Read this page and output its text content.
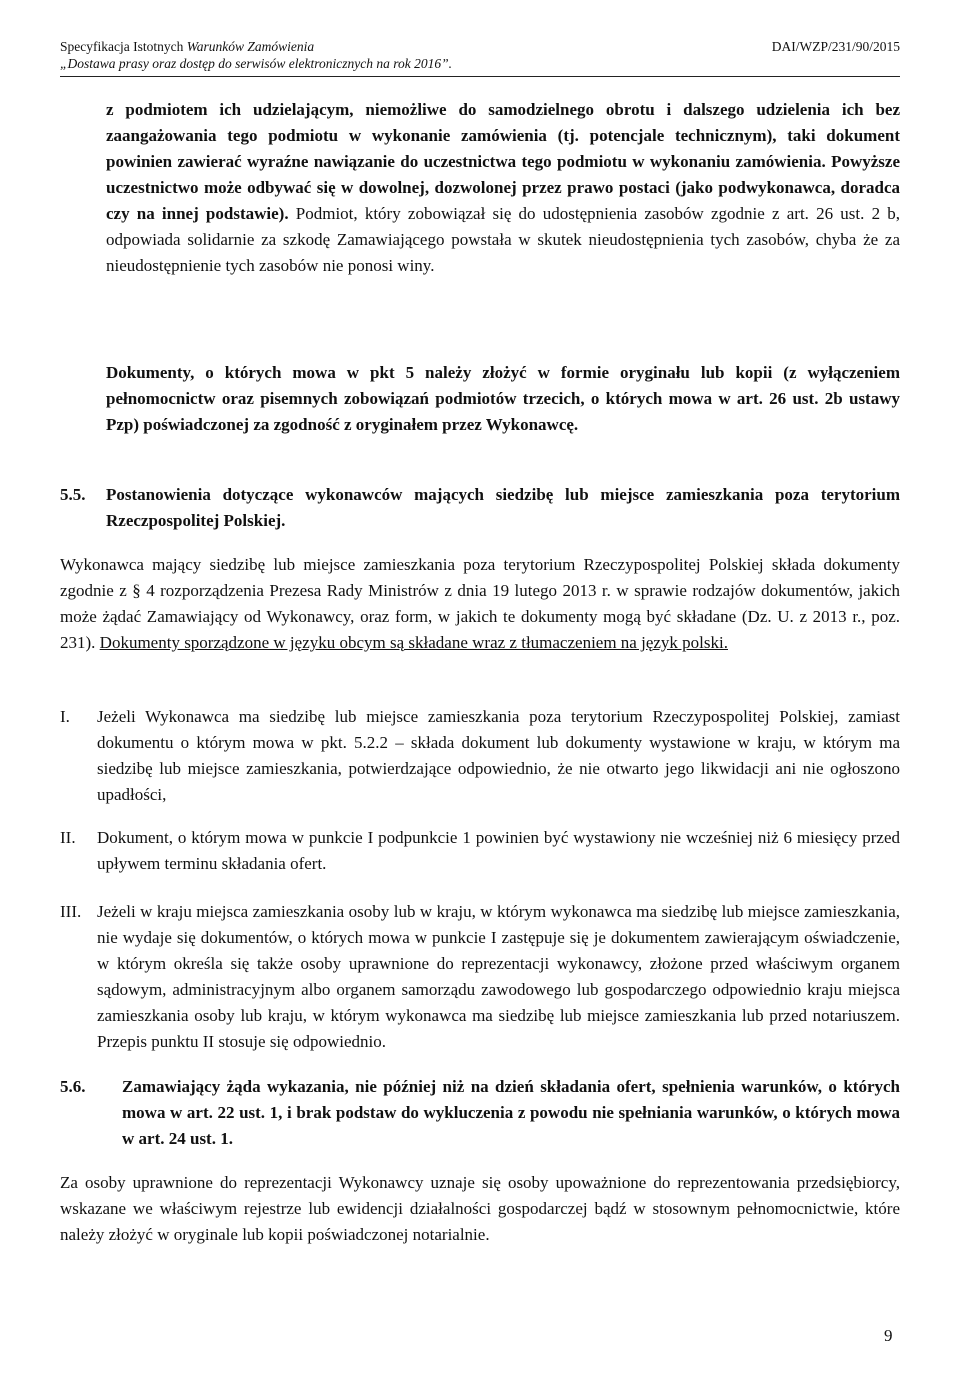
Specyfikacja Istotnych Warunków Zamówienia	DAI/WZP/231/90/2015
„Dostawa prasy oraz dostęp do serwisów elektronicznych na rok 2016”.
z podmiotem ich udzielającym, niemożliwe do samodzielnego obrotu i dalszego udzielenia ich bez zaangażowania tego podmiotu w wykonanie zamówienia (tj. potencjale technicznym), taki dokument powinien zawierać wyraźne nawiązanie do uczestnictwa tego podmiotu w wykonaniu zamówienia. Powyższe uczestnictwo może odbywać się w dowolnej, dozwolonej przez prawo postaci (jako podwykonawca, doradca czy na innej podstawie). Podmiot, który zobowiązał się do udostępnienia zasobów zgodnie z art. 26 ust. 2 b, odpowiada solidarnie za szkodę Zamawiającego powstała w skutek nieudostępnienia tych zasobów, chyba że za nieudostępnienie tych zasobów nie ponosi winy.
Dokumenty, o których mowa w pkt 5 należy złożyć w formie oryginału lub kopii (z wyłączeniem pełnomocnictw oraz pisemnych zobowiązań podmiotów trzecich, o których mowa w art. 26 ust. 2b ustawy Pzp) poświadczonej za zgodność z oryginałem przez Wykonawcę.
5.5.	Postanowienia dotyczące wykonawców mających siedzibę lub miejsce zamieszkania poza terytorium Rzeczpospolitej Polskiej.
Wykonawca mający siedzibę lub miejsce zamieszkania poza terytorium Rzeczypospolitej Polskiej składa dokumenty zgodnie z § 4 rozporządzenia Prezesa Rady Ministrów z dnia 19 lutego 2013 r. w sprawie rodzajów dokumentów, jakich może żądać Zamawiający od Wykonawcy, oraz form, w jakich te dokumenty mogą być składane (Dz. U. z 2013 r., poz. 231). Dokumenty sporządzone w języku obcym są składane wraz z tłumaczeniem na język polski.
I.	Jeżeli Wykonawca ma siedzibę lub miejsce zamieszkania poza terytorium Rzeczypospolitej Polskiej, zamiast dokumentu o którym mowa w pkt. 5.2.2 – składa dokument lub dokumenty wystawione w kraju, w którym ma siedzibę lub miejsce zamieszkania, potwierdzające odpowiednio, że nie otwarto jego likwidacji ani nie ogłoszono upadłości,
II.	Dokument, o którym mowa w punkcie I podpunkcie 1 powinien być wystawiony nie wcześniej niż 6 miesięcy przed upływem terminu składania ofert.
III. Jeżeli w kraju miejsca zamieszkania osoby lub w kraju, w którym wykonawca ma siedzibę lub miejsce zamieszkania, nie wydaje się dokumentów, o których mowa w punkcie I zastępuje się je dokumentem zawierającym oświadczenie, w którym określa się także osoby uprawnione do reprezentacji wykonawcy, złożone przed właściwym organem sądowym, administracyjnym albo organem samorządu zawodowego lub gospodarczego odpowiednio kraju miejsca zamieszkania osoby lub kraju, w którym wykonawca ma siedzibę lub miejsce zamieszkania lub przed notariuszem. Przepis punktu II stosuje się odpowiednio.
5.6.	Zamawiający żąda wykazania, nie później niż na dzień składania ofert, spełnienia warunków, o których mowa w art. 22 ust. 1, i brak podstaw do wykluczenia z powodu nie spełniania warunków, o których mowa w art. 24 ust. 1.
Za osoby uprawnione do reprezentacji Wykonawcy uznaje się osoby upoważnione do reprezentowania przedsiębiorcy, wskazane we właściwym rejestrze lub ewidencji działalności gospodarczej bądź w stosownym pełnomocnictwie, które należy złożyć w oryginale lub kopii poświadczonej notarialnie.
9
